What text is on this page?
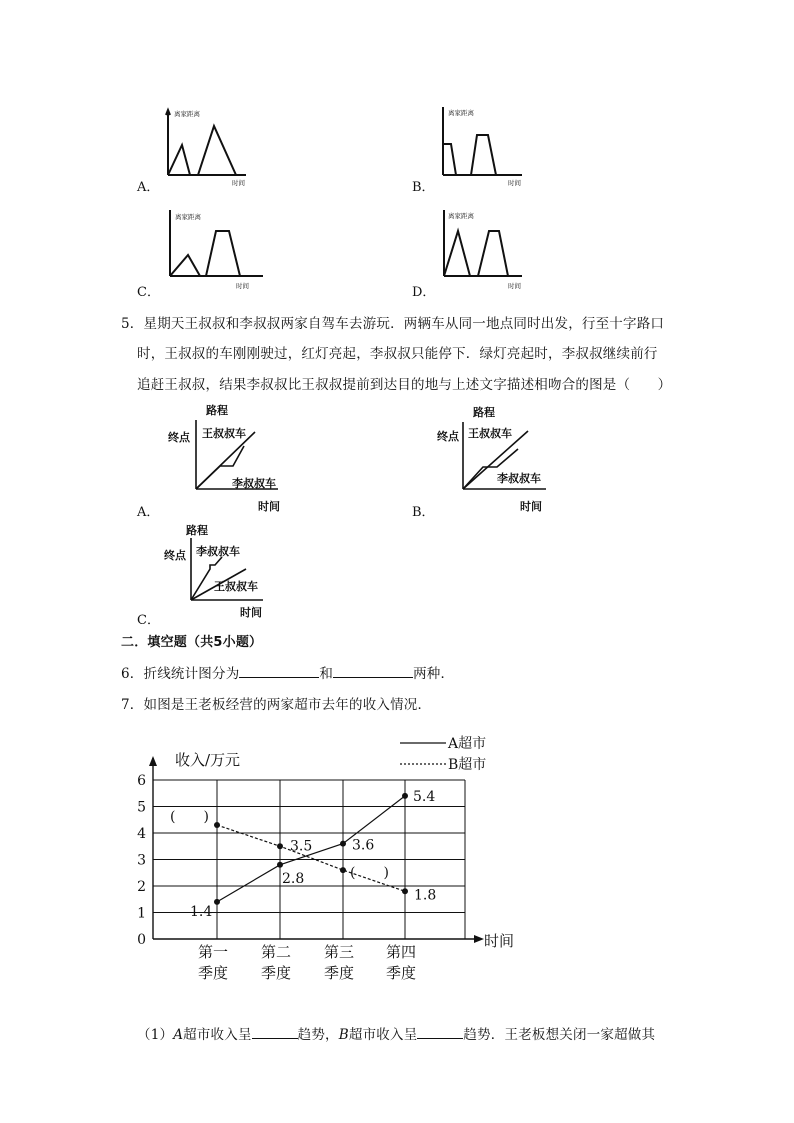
A．
离家距离
时间	B．
离家距离
时间
C．
离家距离
时间	D．
离家距离
时间
5．星期天王叔叔和李叔叔两家自驾车去游玩．两辆车从同一地点同时出发，行至十字路口
时，王叔叔的车刚刚驶过，红灯亮起，李叔叔只能停下．绿灯亮起时，李叔叔继续前行
追赶王叔叔，结果李叔叔比王叔叔提前到达目的地与上述文字描述相吻合的图是（　　）
A．
路程
终点 王叔叔车
李叔叔车
时间	B．
路程
终点 王叔叔车
李叔叔车
时间
C．
路程
终点 李叔叔车
王叔叔车
时间
二．填空题（共5小题）
6．折线统计图分为	和	两种．
7．如图是王老板经营的两家超市去年的收入情况．
收入/万元
时间
0
1
2
3
4
5
6
第一
季度
第二
季度
第三
季度
第四
季度
A超市
B超市
1.4
2.8
3.6
5.4
(　　)
3.5
(　　)
1.8
（1）A超市收入呈	趋势，B超市收入呈	趋势．王老板想关闭一家超做其
